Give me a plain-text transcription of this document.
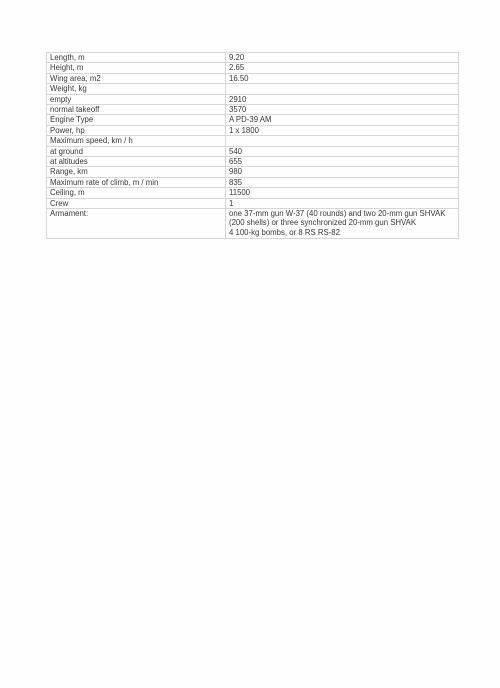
Length, m	9.20
Height, m	2.65
Wing area, m2	16.50
Weight, kg	
empty	2910
normal takeoff	3570
Engine Type	A PD-39 AM
Power, hp	1 x 1800
Maximum speed, km / h	
at ground	540
at altitudes	655
Range, km	980
Maximum rate of climb, m / min	835
Ceiling, m	11500
Crew	1
Armament:	one 37-mm gun W-37 (40 rounds) and two 20-mm gun SHVAK
(200 shells) or three synchronized 20-mm gun SHVAK
4 100-kg bombs, or 8 RS RS-82
